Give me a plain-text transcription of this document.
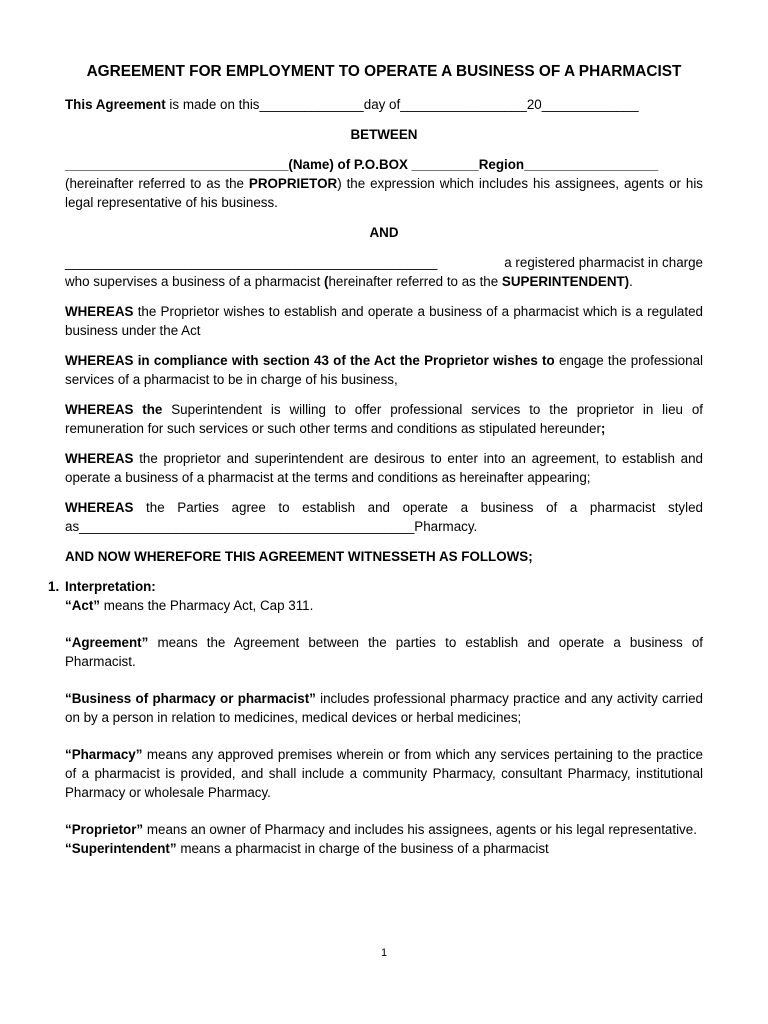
AGREEMENT FOR EMPLOYMENT TO OPERATE A BUSINESS OF A PHARMACIST

This Agreement is made on this______________day of_________________20_____________

BETWEEN

______________________________(Name) of P.O.BOX _________Region__________________

(hereinafter referred to as the PROPRIETOR) the expression which includes his assignees, agents or his legal representative of his business.

AND

__________________________________________________	a registered pharmacist in charge

who supervises a business of a pharmacist (hereinafter referred to as the SUPERINTENDENT).

WHEREAS the Proprietor wishes to establish and operate a business of a pharmacist which is a regulated business under the Act

WHEREAS in compliance with section 43 of the Act the Proprietor wishes to engage the professional services of a pharmacist to be in charge of his business,

WHEREAS the Superintendent is willing to offer professional services to the proprietor in lieu of remuneration for such services or such other terms and conditions as stipulated hereunder;

WHEREAS the proprietor and superintendent are desirous to enter into an agreement, to establish and operate a business of a pharmacist at the terms and conditions as hereinafter appearing;

WHEREAS the Parties agree to establish and operate a business of a pharmacist styled as_____________________________________________Pharmacy.

AND NOW WHEREFORE THIS AGREEMENT WITNESSETH AS FOLLOWS;

1. Interpretation:

“Act” means the Pharmacy Act, Cap 311.

“Agreement” means the Agreement between the parties to establish and operate a business of Pharmacist.

“Business of pharmacy or pharmacist” includes professional pharmacy practice and any activity carried on by a person in relation to medicines, medical devices or herbal medicines;

“Pharmacy” means any approved premises wherein or from which any services pertaining to the practice of a pharmacist is provided, and shall include a community Pharmacy, consultant Pharmacy, institutional Pharmacy or wholesale Pharmacy.

“Proprietor” means an owner of Pharmacy and includes his assignees, agents or his legal representative.

“Superintendent” means a pharmacist in charge of the business of a pharmacist

1
